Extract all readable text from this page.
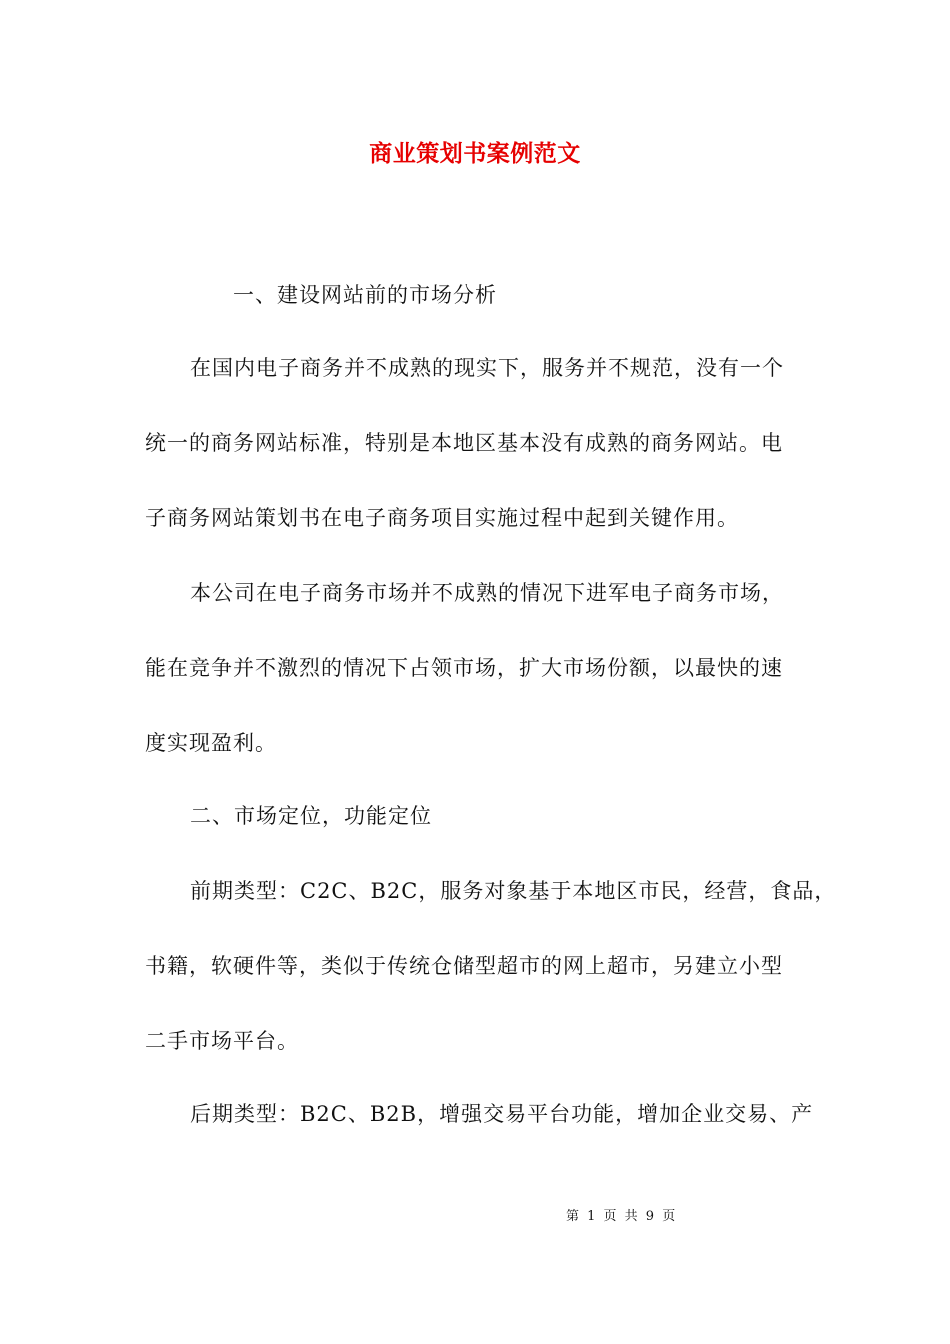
商业策划书案例范文
一、建设网站前的市场分析
在国内电子商务并不成熟的现实下，服务并不规范，没有一个
统一的商务网站标准，特别是本地区基本没有成熟的商务网站。电
子商务网站策划书在电子商务项目实施过程中起到关键作用。
本公司在电子商务市场并不成熟的情况下进军电子商务市场，
能在竞争并不激烈的情况下占领市场，扩大市场份额，以最快的速
度实现盈利。
二、市场定位，功能定位
前期类型：C2C、B2C，服务对象基于本地区市民，经营，食品，
书籍，软硬件等，类似于传统仓储型超市的网上超市，另建立小型
二手市场平台。
后期类型：B2C、B2B，增强交易平台功能，增加企业交易、产
第 1 页 共 9 页
